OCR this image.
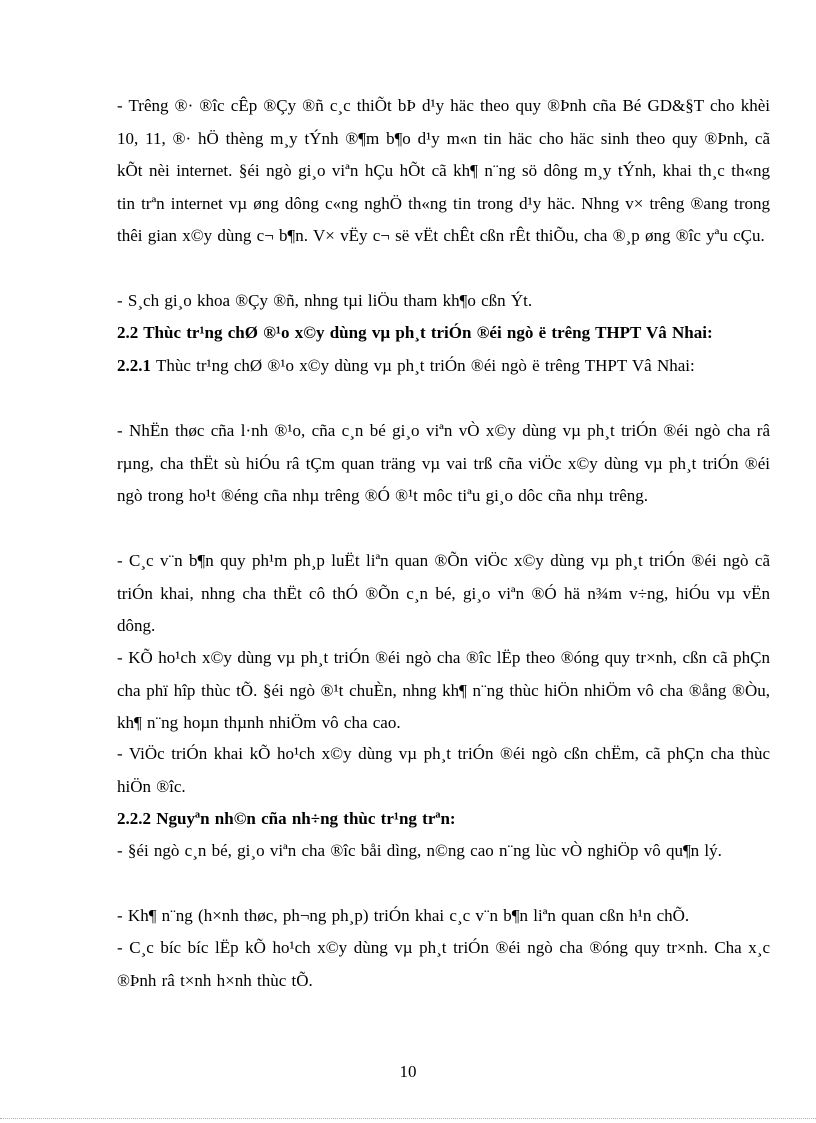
- Trêng ®· ®îc cÊp ®Çy ®ñ c¸c thiÕt bÞ d¹y häc theo quy ®Þnh cña Bé GD&§T cho khèi 10, 11, ®· hÖ thèng m¸y tÝnh ®¶m b¶o d¹y m«n tin häc cho häc sinh theo quy ®Þnh, cã kÕt nèi internet. §éi ngò gi¸o viªn hÇu hÕt cã kh¶ n¨ng sö dông m¸y tÝnh, khai th¸c th«ng tin trªn internet vµ øng dông c«ng nghÖ th«ng tin trong d¹y häc. Nhng v× trêng ®ang trong thêi gian x©y dùng c¬ b¶n. V× vËy c¬ së vËt chÊt cßn rÊt thiÕu, cha ®¸p øng ®îc yªu cÇu.

- S¸ch gi¸o khoa ®Çy ®ñ, nhng tµi liÖu tham kh¶o cßn Ýt.

2.2 Thùc tr¹ng chØ ®¹o x©y dùng vµ ph¸t triÓn ®éi ngò ë trêng THPT Vâ Nhai:

2.2.1 Thùc tr¹ng chØ ®¹o x©y dùng vµ ph¸t triÓn ®éi ngò ë trêng THPT Vâ Nhai:

- NhËn thøc cña l·nh ®¹o, cña c¸n bé gi¸o viªn vÒ x©y dùng vµ ph¸t triÓn ®éi ngò cha râ rµng, cha thËt sù hiÓu râ tÇm quan träng vµ vai trß cña viÖc x©y dùng vµ ph¸t triÓn ®éi ngò trong ho¹t ®éng cña nhµ trêng ®Ó ®¹t môc tiªu gi¸o dôc cña nhµ trêng.

- C¸c v¨n b¶n quy ph¹m ph¸p luËt liªn quan ®Õn viÖc x©y dùng vµ ph¸t triÓn ®éi ngò cã triÓn khai, nhng cha thËt cô thÓ ®Õn c¸n bé, gi¸o viªn ®Ó hä n¾m v÷ng, hiÓu vµ vËn dông.

- KÕ ho¹ch x©y dùng vµ ph¸t triÓn ®éi ngò cha ®îc lËp theo ®óng quy tr×nh, cßn cã phÇn cha phï hîp thùc tÕ. §éi ngò ®¹t chuÈn, nhng kh¶ n¨ng thùc hiÖn nhiÖm vô cha ®ång ®Òu, kh¶ n¨ng hoµn thµnh nhiÖm vô cha cao.

- ViÖc triÓn khai kÕ ho¹ch x©y dùng vµ ph¸t triÓn ®éi ngò cßn chËm, cã phÇn cha thùc hiÖn ®îc.

2.2.2 Nguyªn nh©n cña nh÷ng thùc tr¹ng trªn:

- §éi ngò c¸n bé, gi¸o viªn cha ®îc båi dìng, n©ng cao n¨ng lùc vÒ nghiÖp vô qu¶n lý.

- Kh¶ n¨ng (h×nh thøc, ph¬ng ph¸p) triÓn khai c¸c v¨n b¶n liªn quan cßn h¹n chÕ.

- C¸c bíc bíc lËp kÕ ho¹ch x©y dùng vµ ph¸t triÓn ®éi ngò cha ®óng quy tr×nh. Cha x¸c ®Þnh râ t×nh h×nh thùc tÕ.

10
